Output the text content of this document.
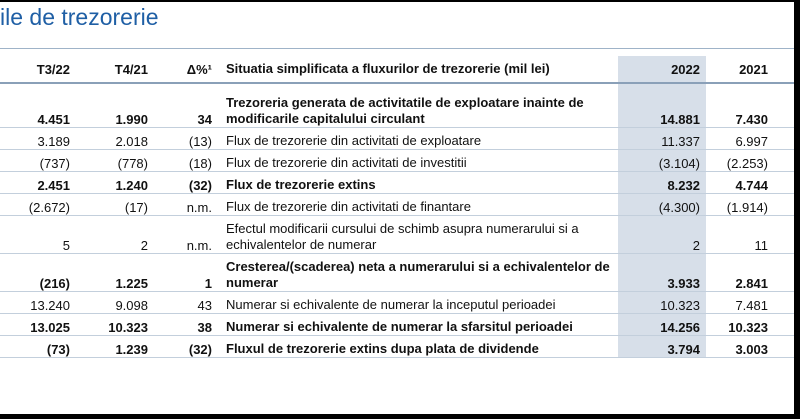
ile de trezorerie
	T3/22	T4/21	Δ%¹	Situatia simplificata a fluxurilor de trezorerie (mil lei)	2022	2021	
	4.451	1.990	34	Trezoreria generata de activitatile de exploatare inainte de modificarile capitalului circulant	14.881	7.430	
	3.189	2.018	(13)	Flux de trezorerie din activitati de exploatare	11.337	6.997	
	(737)	(778)	(18)	Flux de trezorerie din activitati de investitii	(3.104)	(2.253)	
	2.451	1.240	(32)	Flux de trezorerie extins	8.232	4.744	
	(2.672)	(17)	n.m.	Flux de trezorerie din activitati de finantare	(4.300)	(1.914)	
	5	2	n.m.	Efectul modificarii cursului de schimb asupra numerarului si a echivalentelor de numerar	2	11	
	(216)	1.225	1	Cresterea/(scaderea) neta a numerarului si a echivalentelor de numerar	3.933	2.841	
	13.240	9.098	43	Numerar si echivalente de numerar la inceputul perioadei	10.323	7.481	
	13.025	10.323	38	Numerar si echivalente de numerar la sfarsitul perioadei	14.256	10.323	
	(73)	1.239	(32)	Fluxul de trezorerie extins dupa plata de dividende	3.794	3.003	
